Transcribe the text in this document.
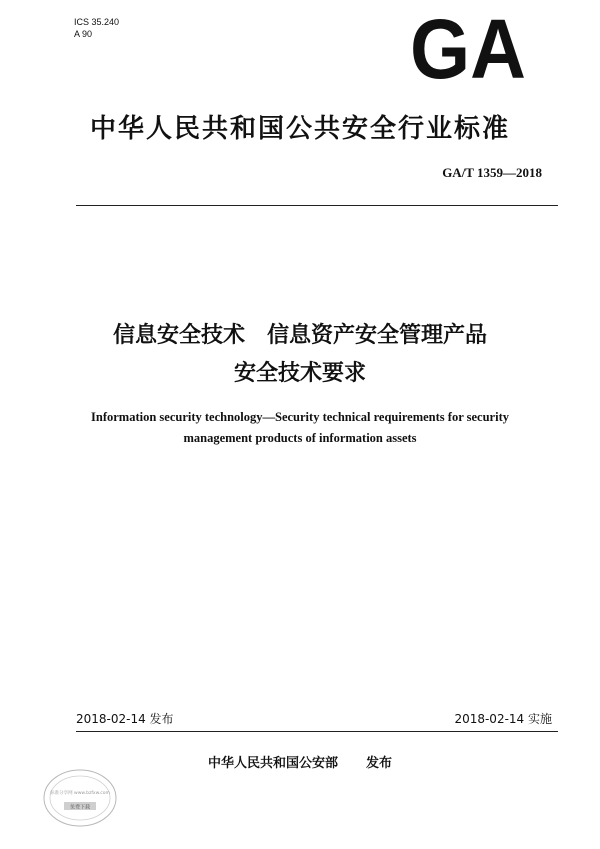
ICS 35.240
A 90	GA
中华人民共和国公共安全行业标准
GA/T 1359—2018
信息安全技术　信息资产安全管理产品
安全技术要求
Information security technology—Security technical requirements for security
management products of information assets
2018-02-14 发布	2018-02-14 实施
中华人民共和国公安部 发布
标准分享网 www.bzfxw.com
免费下载
